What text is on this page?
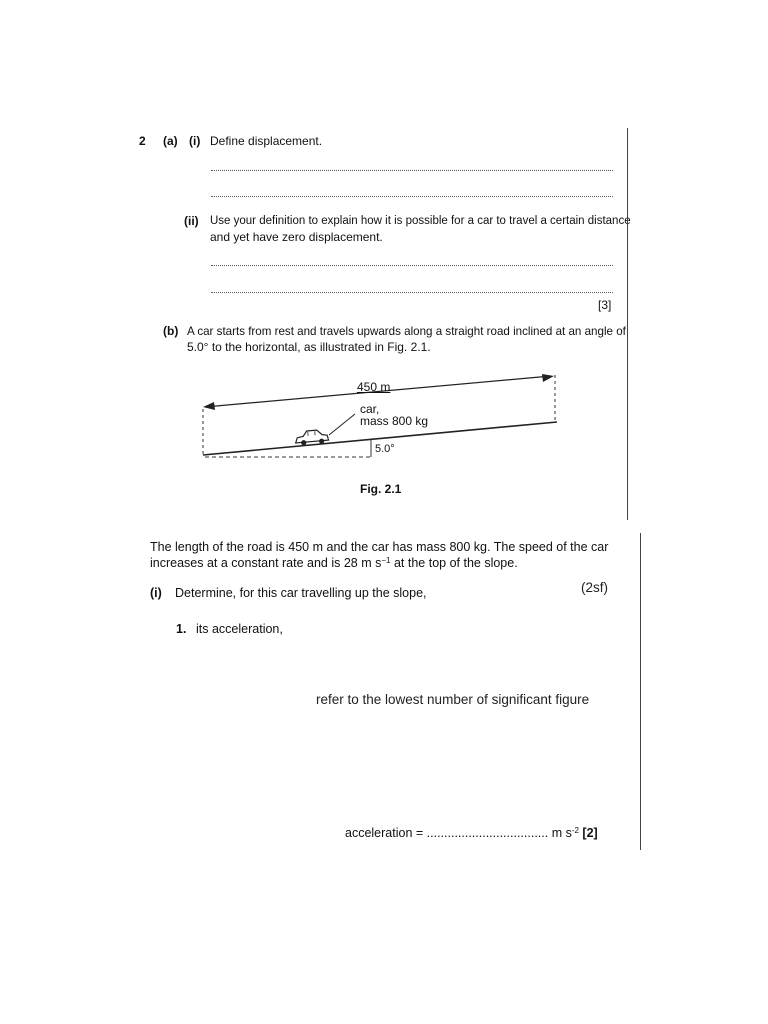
2 (a) (i) Define displacement.
(ii) Use your definition to explain how it is possible for a car to travel a certain distance
and yet have zero displacement.
[3]
(b) A car starts from rest and travels upwards along a straight road inclined at an angle of
5.0° to the horizontal, as illustrated in Fig. 2.1.
450 m
car,
mass 800 kg
5.0°
Fig. 2.1
The length of the road is 450 m and the car has mass 800 kg. The speed of the car
increases at a constant rate and is 28 m $s^{-1}$ at the top of the slope.
(i) Determine, for this car travelling up the slope,
1. its acceleration,
acceleration = ................................... m $s^{-2}$ [2]
(2sf)
refer to the lowest number of significant figure
